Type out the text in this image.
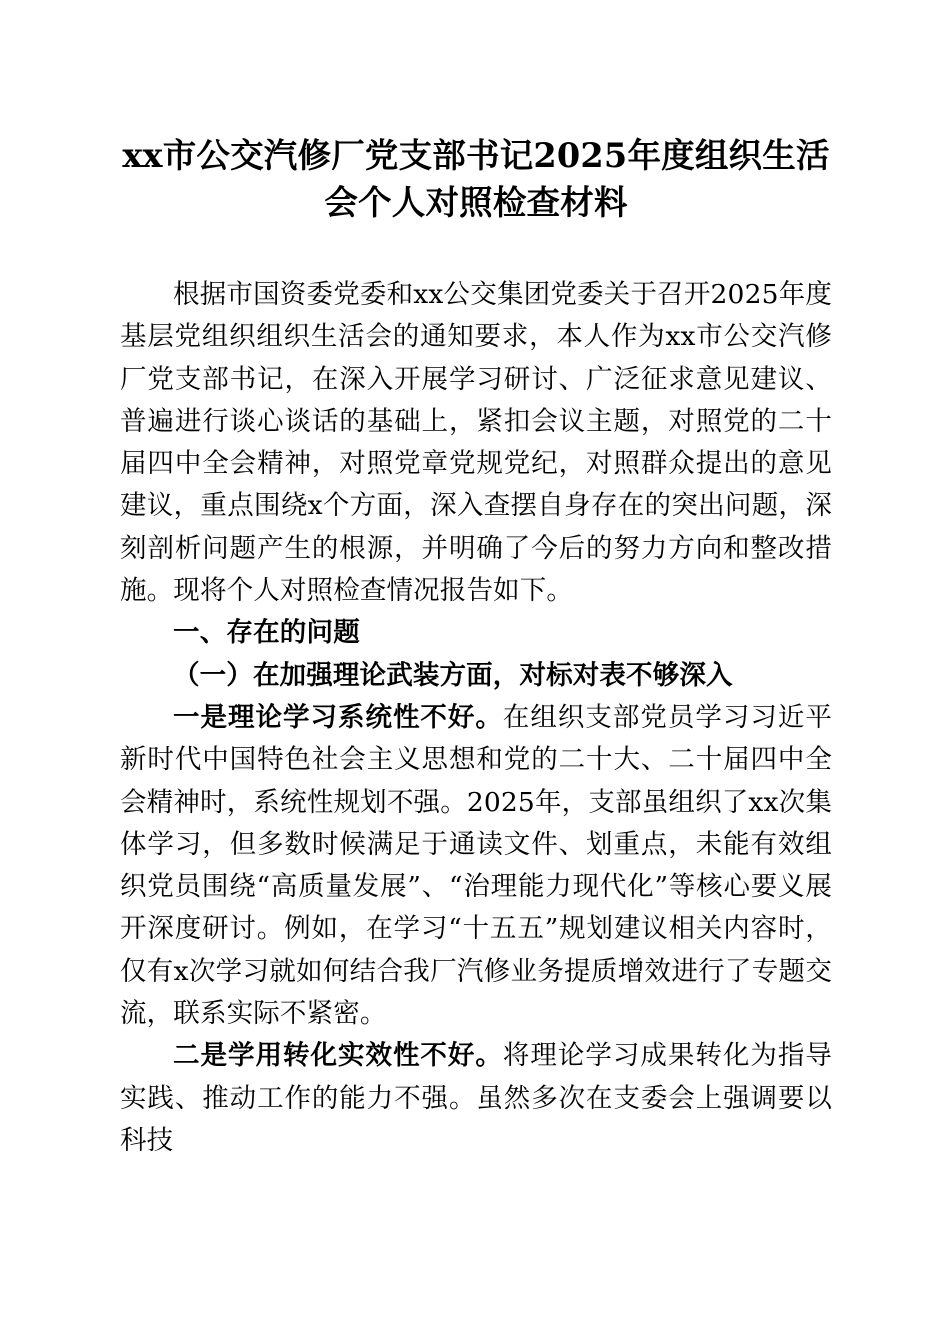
xx市公交汽修厂党支部书记2025年度组织生活会个人对照检查材料

根据市国资委党委和xx公交集团党委关于召开2025年度基层党组织组织生活会的通知要求，本人作为xx市公交汽修厂党支部书记，在深入开展学习研讨、广泛征求意见建议、普遍进行谈心谈话的基础上，紧扣会议主题，对照党的二十届四中全会精神，对照党章党规党纪，对照群众提出的意见建议，重点围绕x个方面，深入查摆自身存在的突出问题，深刻剖析问题产生的根源，并明确了今后的努力方向和整改措施。现将个人对照检查情况报告如下。

一、存在的问题
（一）在加强理论武装方面，对标对表不够深入

一是理论学习系统性不好。在组织支部党员学习习近平新时代中国特色社会主义思想和党的二十大、二十届四中全会精神时，系统性规划不强。2025年，支部虽组织了xx次集体学习，但多数时候满足于通读文件、划重点，未能有效组织党员围绕“高质量发展”、“治理能力现代化”等核心要义展开深度研讨。例如，在学习“十五五”规划建议相关内容时，仅有x次学习就如何结合我厂汽修业务提质增效进行了专题交流，联系实际不紧密。

二是学用转化实效性不好。将理论学习成果转化为指导实践、推动工作的能力不强。虽然多次在支委会上强调要以科技
